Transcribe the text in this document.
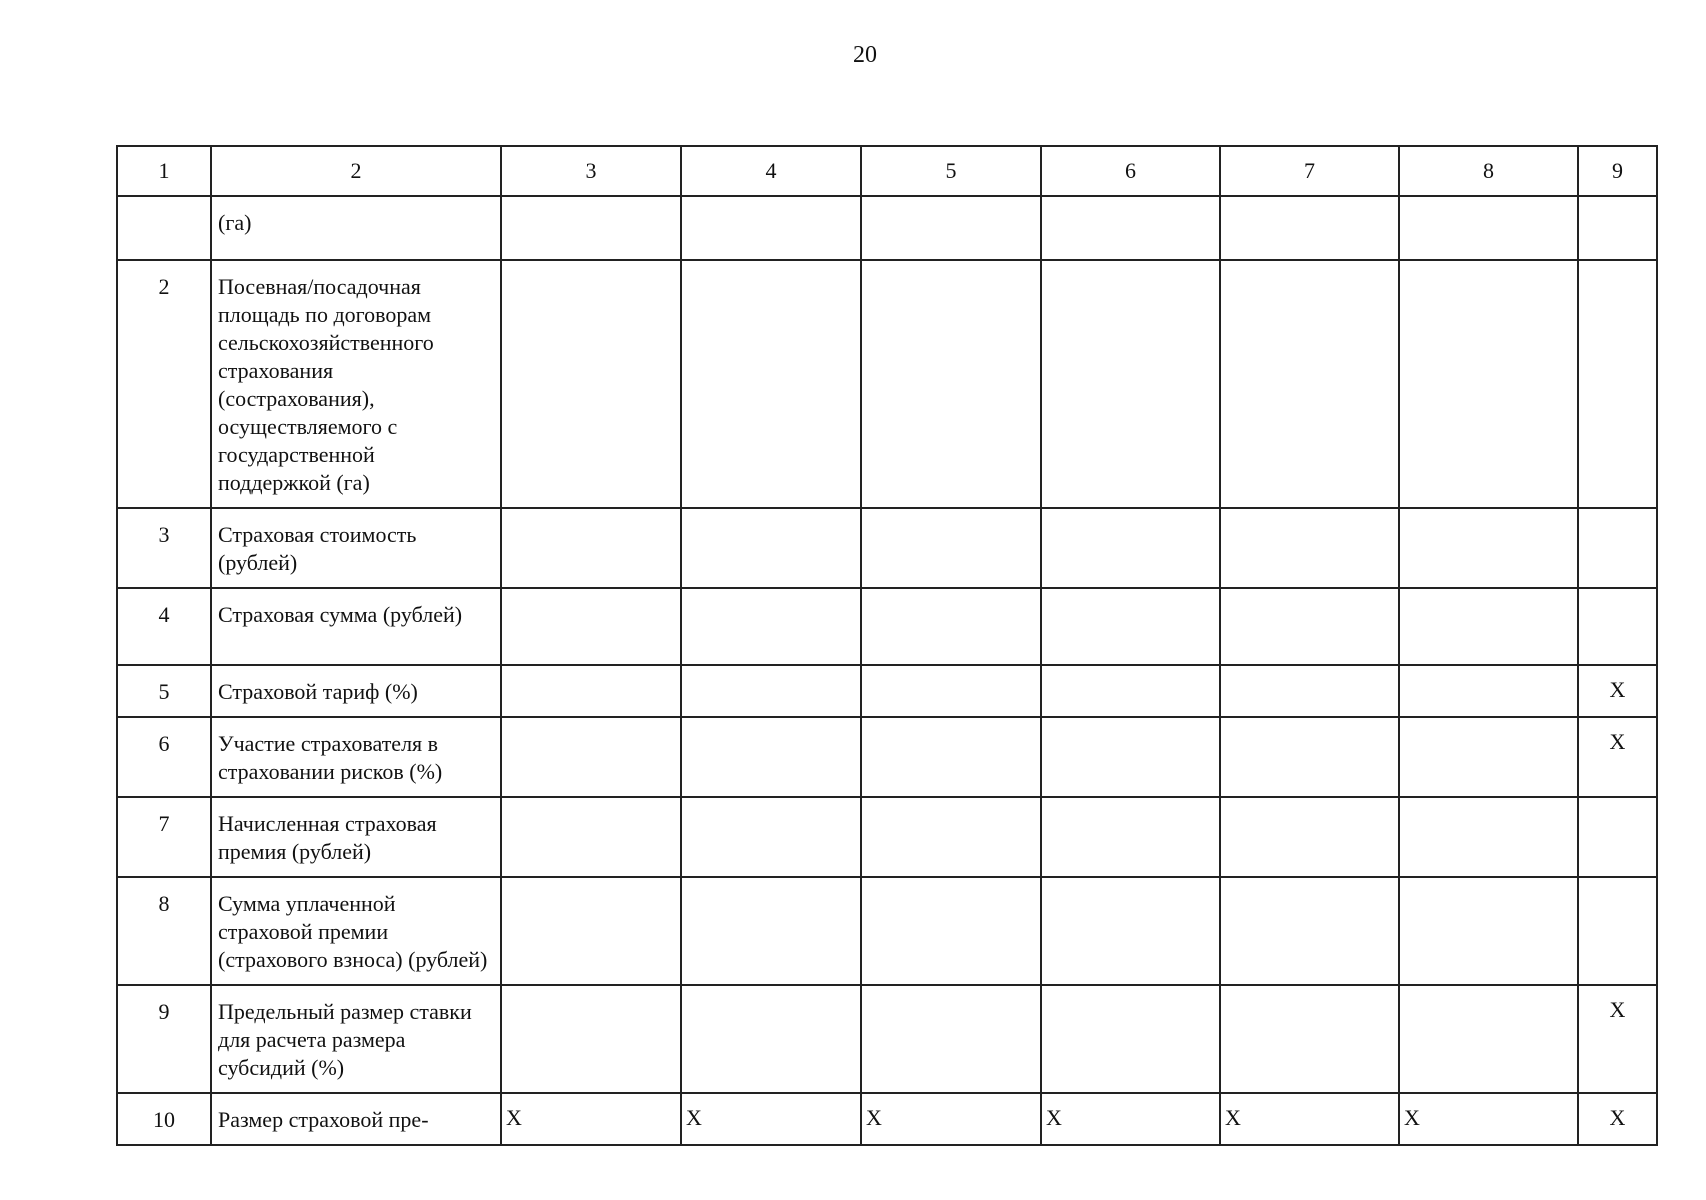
20
1	2	3	4	5	6	7	8	9
	(га)							
2	Посевная/посадочная площадь по договорам сельскохозяйственного страхования (сострахования), осуществляемого с государственной поддержкой (га)							
3	Страховая стоимость (рублей)							
4	Страховая сумма (рублей)							
5	Страховой тариф (%)							X
6	Участие страхователя в страховании рисков (%)							X
7	Начисленная страховая премия (рублей)							
8	Сумма уплаченной страховой премии (страхового взноса) (рублей)							
9	Предельный размер ставки для расчета размера субсидий (%)							X
10	Размер страховой пре-	X	X	X	X	X	X	X
